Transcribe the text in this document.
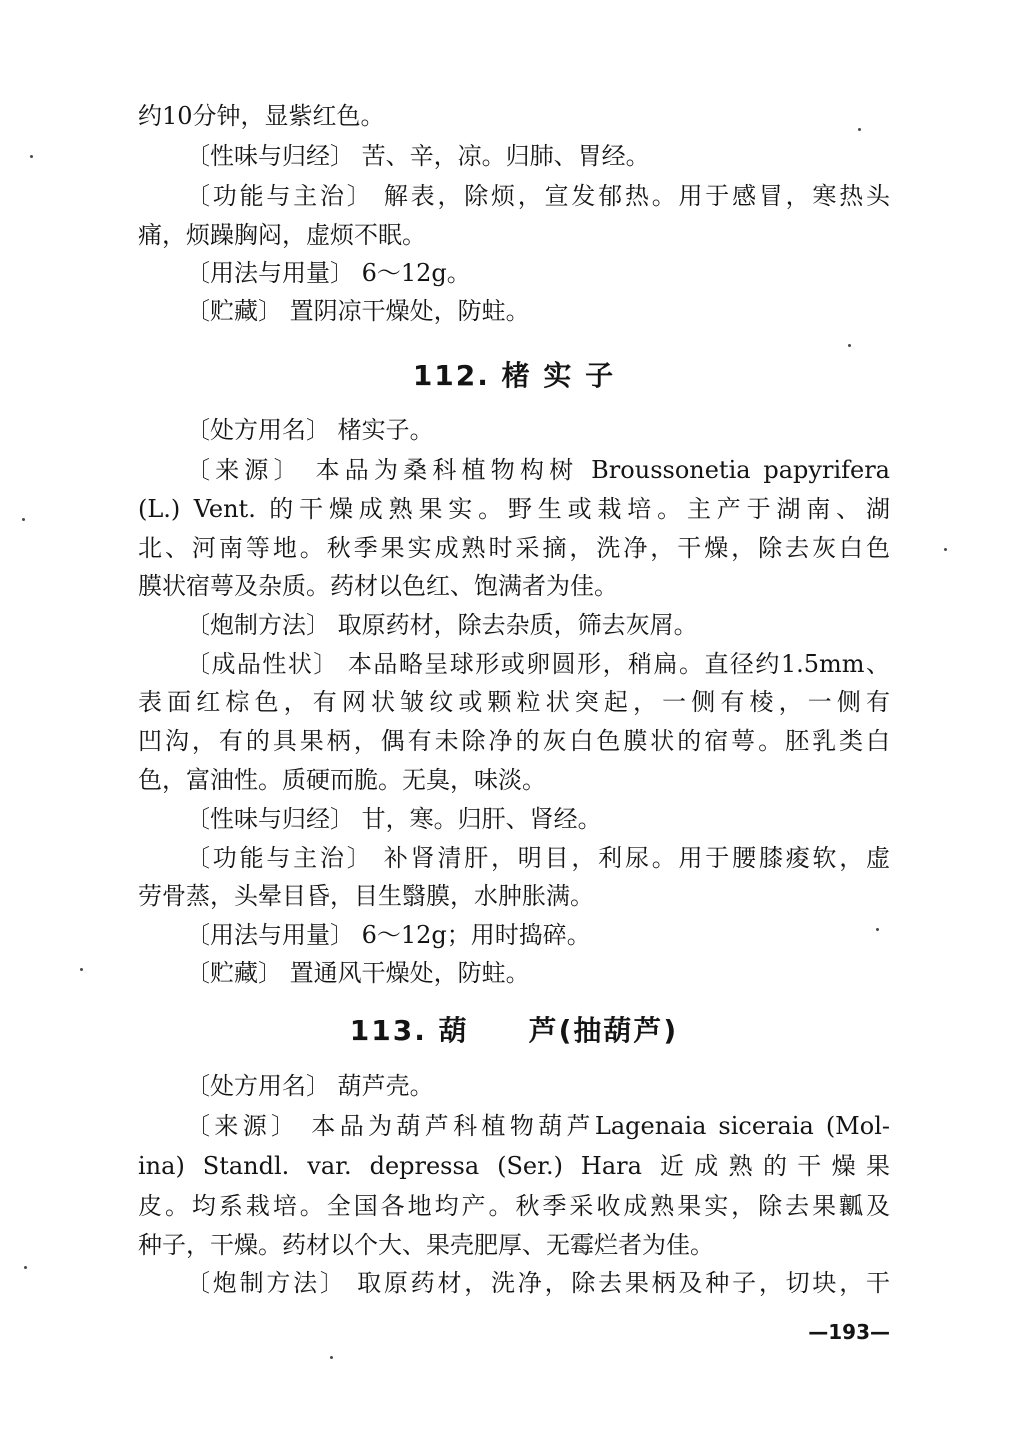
约10分钟，显紫红色。
〔性味与归经〕 苦、辛，凉。归肺、胃经。
〔功能与主治〕 解表，除烦，宣发郁热。用于感冒，寒热头
痛，烦躁胸闷，虚烦不眠。
〔用法与用量〕 6～12g。
〔贮藏〕 置阴凉干燥处，防蛀。
112. 楮 实 子
〔处方用名〕 楮实子。
〔来源〕 本品为桑科植物构树 Broussonetia papyrifera
(L.) Vent. 的干燥成熟果实。野生或栽培。主产于湖南、湖
北、河南等地。秋季果实成熟时采摘，洗净，干燥，除去灰白色
膜状宿萼及杂质。药材以色红、饱满者为佳。
〔炮制方法〕 取原药材，除去杂质，筛去灰屑。
〔成品性状〕 本品略呈球形或卵圆形，稍扁。直径约1.5mm、
表面红棕色，有网状皱纹或颗粒状突起，一侧有棱，一侧有
凹沟，有的具果柄，偶有未除净的灰白色膜状的宿萼。胚乳类白
色，富油性。质硬而脆。无臭，味淡。
〔性味与归经〕 甘，寒。归肝、肾经。
〔功能与主治〕 补肾清肝，明目，利尿。用于腰膝痠软，虚
劳骨蒸，头晕目昏，目生翳膜，水肿胀满。
〔用法与用量〕 6～12g；用时捣碎。
〔贮藏〕 置通风干燥处，防蛀。
113. 葫　　芦(抽葫芦)
〔处方用名〕 葫芦壳。
〔来源〕 本品为葫芦科植物葫芦Lagenaia siceraia (Mol-
ina) Standl. var. depressa (Ser.) Hara 近成熟的干燥果
皮。均系栽培。全国各地均产。秋季采收成熟果实，除去果瓤及
种子，干燥。药材以个大、果壳肥厚、无霉烂者为佳。
〔炮制方法〕 取原药材，洗净，除去果柄及种子，切块，干
—193—
